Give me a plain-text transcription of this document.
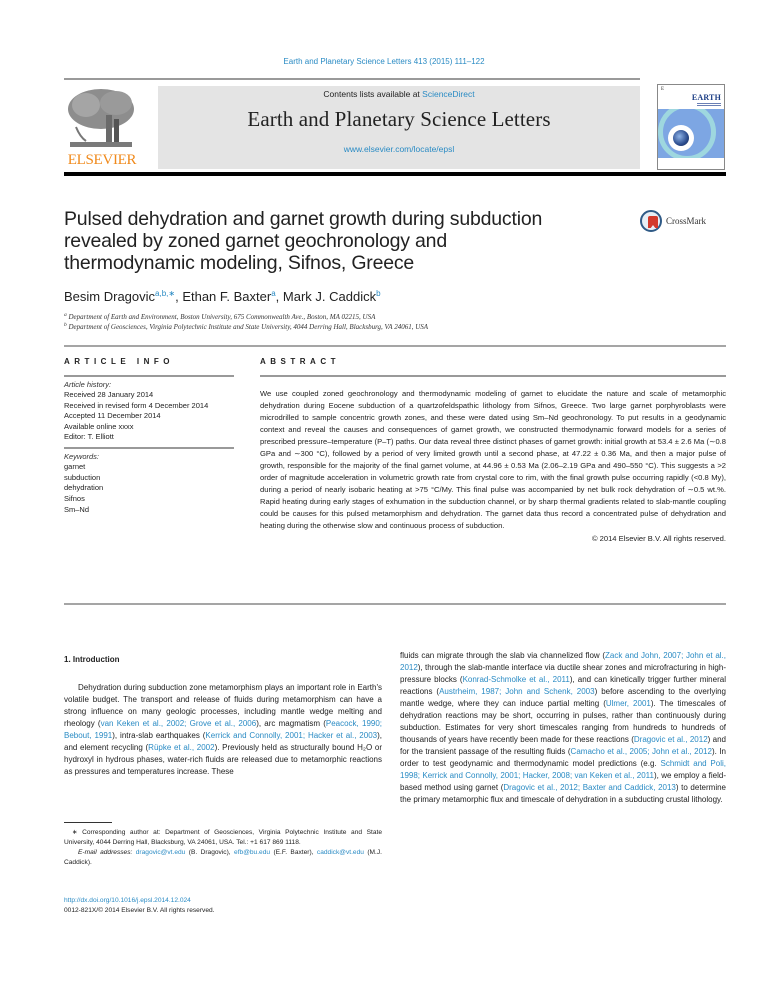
Earth and Planetary Science Letters 413 (2015) 111–122
ELSEVIER
Contents lists available at ScienceDirect
Earth and Planetary Science Letters
www.elsevier.com/locate/epsl
E
EARTH
Pulsed dehydration and garnet growth during subduction revealed by zoned garnet geochronology and thermodynamic modeling, Sifnos, Greece
CrossMark
Besim Dragovic$^{a,b,∗}$, Ethan F. Baxter$^a$, Mark J. Caddick$^b$
$^a$ Department of Earth and Environment, Boston University, 675 Commonwealth Ave., Boston, MA 02215, USA
$^b$ Department of Geosciences, Virginia Polytechnic Institute and State University, 4044 Derring Hall, Blacksburg, VA 24061, USA
ARTICLE INFO
Article history:
Received 28 January 2014
Received in revised form 4 December 2014
Accepted 11 December 2014
Available online xxxx
Editor: T. Elliott
Keywords:
garnet
subduction
dehydration
Sifnos
Sm–Nd
ABSTRACT
We use coupled zoned geochronology and thermodynamic modeling of garnet to elucidate the nature and scale of metamorphic dehydration during Eocene subduction of a quartzofeldspathic lithology from Sifnos, Greece. Two large garnet porphyroblasts were microdrilled to sample concentric growth zones, and these were dated using Sm–Nd geochronology. To put results in a geodynamic context and reveal the causes and consequences of garnet growth, we constructed thermodynamic forward models for a series of prescribed pressure–temperature (P–T) paths. Our data reveal three distinct phases of garnet growth: initial growth at 53.4 ± 2.6 Ma (∼0.8 GPa and ∼300 °C), followed by a period of very limited growth until a second phase, at 47.22 ± 0.36 Ma, and then a major pulse of growth, responsible for the majority of the final garnet volume, at 44.96 ± 0.53 Ma (2.06–2.19 GPa and 490–550 °C). This suggests a >2 order of magnitude acceleration in volumetric growth rate from crystal core to rim, with the final growth pulse occurring rapidly (<0.8 My), during a period of nearly isobaric heating at >75 °C/My. This final pulse was accompanied by net bulk rock dehydration of ∼0.5 wt.%. Rapid heating during early stages of exhumation in the subduction channel, or by sharp thermal gradients related to slab-mantle coupling could be causes for this pulsed metamorphism and dehydration. The garnet data thus record a concentrated pulse of dehydration and heating during the otherwise slow and continuous process of subduction.
© 2014 Elsevier B.V. All rights reserved.
1. Introduction

Dehydration during subduction zone metamorphism plays an important role in Earth's volatile budget. The transport and release of fluids during metamorphism can have a strong influence on many geologic processes, including mantle wedge melting and rheology (van Keken et al., 2002; Grove et al., 2006), arc magmatism (Peacock, 1990; Bebout, 1991), intra-slab earthquakes (Kerrick and Connolly, 2001; Hacker et al., 2003), and element recycling (Rüpke et al., 2002). Previously held as structurally bound H₂O or hydroxyl in hydrous phases, water-rich fluids are released due to metamorphic reactions as pressures and temperatures increase. These

fluids can migrate through the slab via channelized flow (Zack and John, 2007; John et al., 2012), through the slab-mantle interface via ductile shear zones and microfracturing in high-pressure blocks (Konrad-Schmolke et al., 2011), and can kinetically trigger further mineral reactions (Austrheim, 1987; John and Schenk, 2003) before ascending to the overlying mantle wedge, where they can induce partial melting (Ulmer, 2001). The timescales of dehydration reactions may be short, occurring in pulses, rather than continuously during subduction. Estimates for very short timescales ranging from hundreds to hundreds of thousands of years have recently been made for these reactions (Dragovic et al., 2012) and for the transient passage of the resulting fluids (Camacho et al., 2005; John et al., 2012). In order to test geodynamic and thermodynamic model predictions (e.g. Schmidt and Poli, 1998; Kerrick and Connolly, 2001; Hacker, 2008; van Keken et al., 2011), we employ a field-based method using garnet (Dragovic et al., 2012; Baxter and Caddick, 2013) to determine the primary metamorphic flux and timescale of dehydration in a subducting crustal lithology.

∗ Corresponding author at: Department of Geosciences, Virginia Polytechnic Institute and State University, 4044 Derring Hall, Blacksburg, VA 24061, USA. Tel.: +1 617 869 1118.
E-mail addresses: dragovic@vt.edu (B. Dragovic), efb@bu.edu (E.F. Baxter), caddick@vt.edu (M.J. Caddick).
http://dx.doi.org/10.1016/j.epsl.2014.12.024
0012-821X/© 2014 Elsevier B.V. All rights reserved.
